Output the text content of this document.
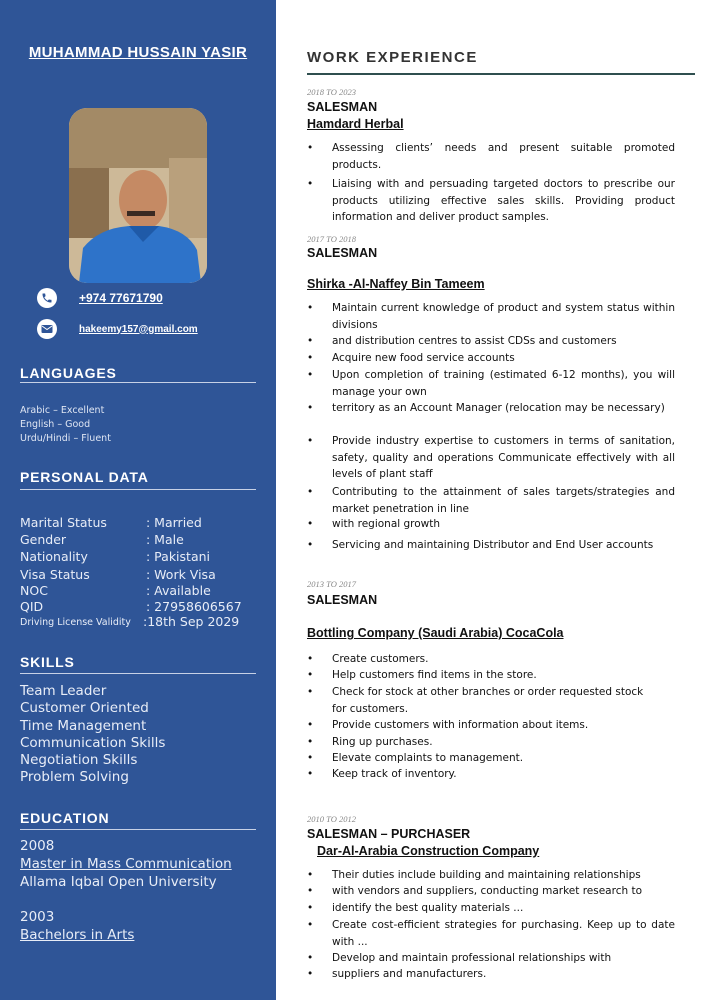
MUHAMMAD HUSSAIN YASIR
+974 77671790
hakeemy157@gmail.com
LANGUAGES
Arabic – Excellent
English – Good
Urdu/Hindi – Fluent
PERSONAL DATA
Marital Status	: Married
Gender	: Male
Nationality	: Pakistani
Visa Status	: Work Visa
NOC	: Available
QID	: 27958606567
Driving License Validity :18th Sep 2029
SKILLS
Team Leader
Customer Oriented
Time Management
Communication Skills
Negotiation Skills
Problem Solving
EDUCATION
2008
Master in Mass Communication
Allama Iqbal Open University
2003
Bachelors in Arts
WORK EXPERIENCE
2018 TO 2023
SALESMAN
Hamdard Herbal
• Assessing clients’ needs and present suitable promoted products.
• Liaising with and persuading targeted doctors to prescribe our products utilizing effective sales skills. Providing product information and deliver product samples.
2017 TO 2018
SALESMAN
Shirka -Al-Naffey Bin Tameem
• Maintain current knowledge of product and system status within divisions
• and distribution centres to assist CDSs and customers
• Acquire new food service accounts
• Upon completion of training (estimated 6-12 months), you will manage your own
• territory as an Account Manager (relocation may be necessary)
• Provide industry expertise to customers in terms of sanitation, safety, quality and operations Communicate effectively with all levels of plant staff
• Contributing to the attainment of sales targets/strategies and market penetration in line
• with regional growth
• Servicing and maintaining Distributor and End User accounts
2013 TO 2017
SALESMAN
Bottling Company (Saudi Arabia) CocaCola
• Create customers.
• Help customers find items in the store.
• Check for stock at other branches or order requested stock for customers.
• Provide customers with information about items.
• Ring up purchases.
• Elevate complaints to management.
• Keep track of inventory.
2010 TO 2012
SALESMAN – PURCHASER
Dar-Al-Arabia Construction Company
• Their duties include building and maintaining relationships
• with vendors and suppliers, conducting market research to
• identify the best quality materials ...
• Create cost-efficient strategies for purchasing. Keep up to date with ...
• Develop and maintain professional relationships with
• suppliers and manufacturers.
